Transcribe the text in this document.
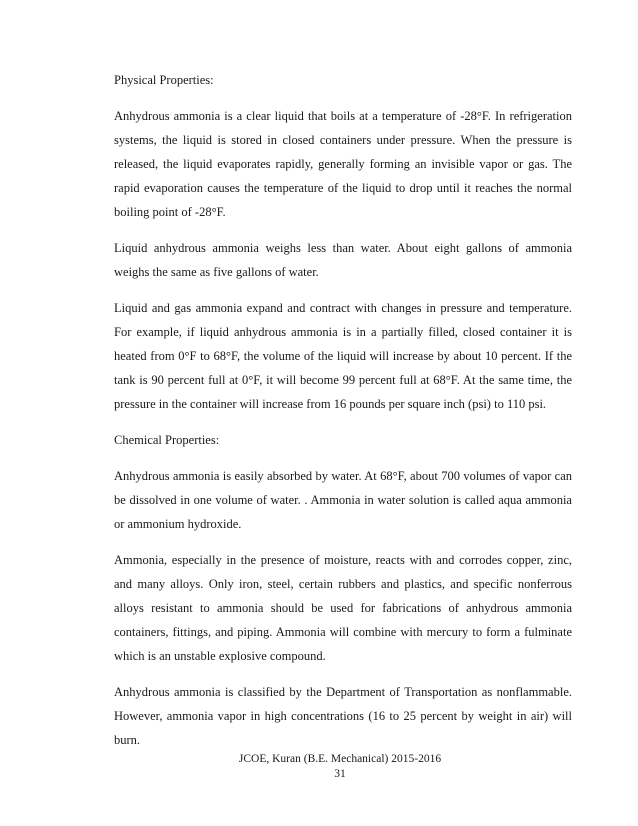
Physical Properties:

Anhydrous ammonia is a clear liquid that boils at a temperature of -28°F. In refrigeration systems, the liquid is stored in closed containers under pressure. When the pressure is released, the liquid evaporates rapidly, generally forming an invisible vapor or gas. The rapid evaporation causes the temperature of the liquid to drop until it reaches the normal boiling point of -28°F.

Liquid anhydrous ammonia weighs less than water. About eight gallons of ammonia weighs the same as five gallons of water.

Liquid and gas ammonia expand and contract with changes in pressure and temperature. For example, if liquid anhydrous ammonia is in a partially filled, closed container it is heated from 0°F to 68°F, the volume of the liquid will increase by about 10 percent. If the tank is 90 percent full at 0°F, it will become 99 percent full at 68°F. At the same time, the pressure in the container will increase from 16 pounds per square inch (psi) to 110 psi.

Chemical Properties:

Anhydrous ammonia is easily absorbed by water. At 68°F, about 700 volumes of vapor can be dissolved in one volume of water. . Ammonia in water solution is called aqua ammonia or ammonium hydroxide.

Ammonia, especially in the presence of moisture, reacts with and corrodes copper, zinc, and many alloys. Only iron, steel, certain rubbers and plastics, and specific nonferrous alloys resistant to ammonia should be used for fabrications of anhydrous ammonia containers, fittings, and piping. Ammonia will combine with mercury to form a fulminate which is an unstable explosive compound.

Anhydrous ammonia is classified by the Department of Transportation as nonflammable. However, ammonia vapor in high concentrations (16 to 25 percent by weight in air) will burn.

JCOE, Kuran (B.E. Mechanical) 2015-2016
31
